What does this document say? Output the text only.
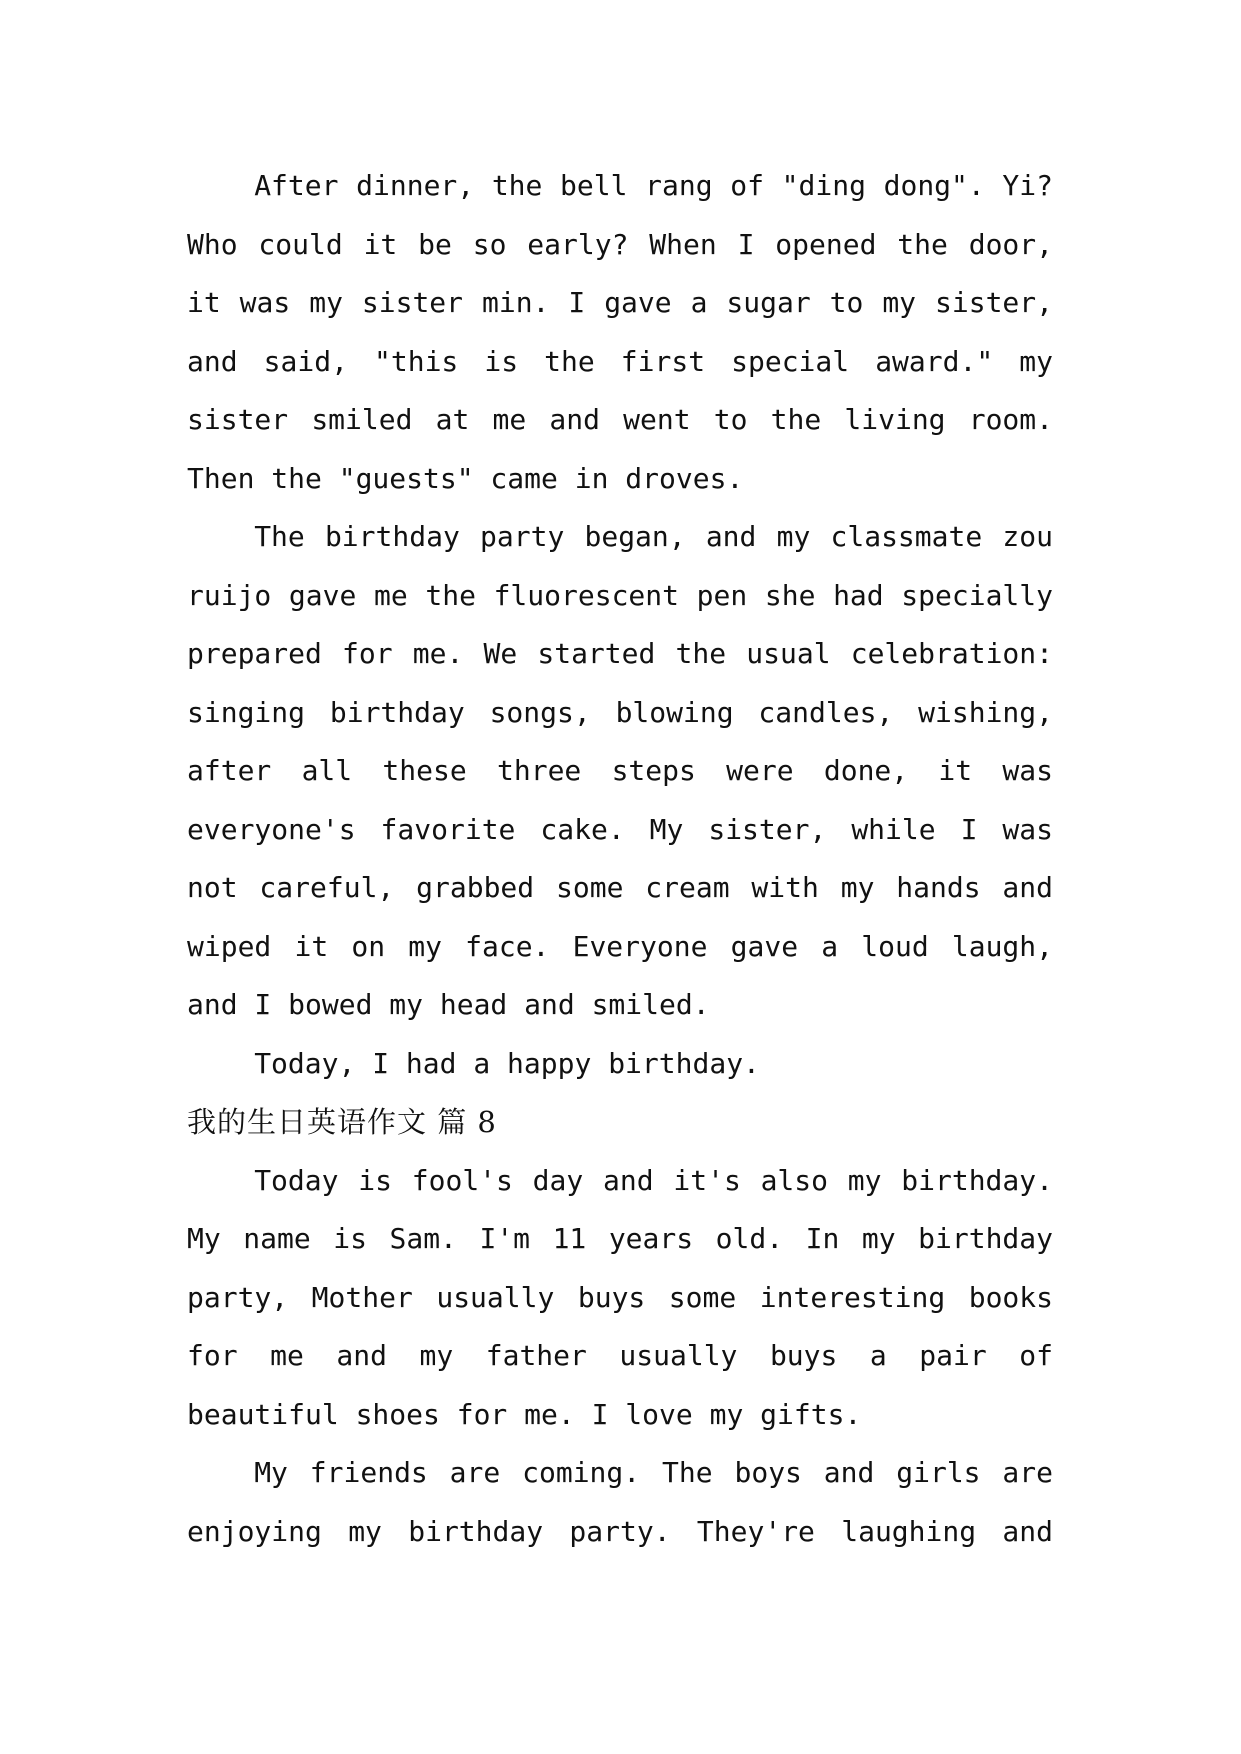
After dinner, the bell rang of "ding dong". Yi? Who could it be so early? When I opened the door, it was my sister min. I gave a sugar to my sister, and said, "this is the first special award." my sister smiled at me and went to the living room. Then the "guests" came in droves.

The birthday party began, and my classmate zou ruijo gave me the fluorescent pen she had specially prepared for me. We started the usual celebration: singing birthday songs, blowing candles, wishing, after all these three steps were done, it was everyone's favorite cake. My sister, while I was not careful, grabbed some cream with my hands and wiped it on my face. Everyone gave a loud laugh, and I bowed my head and smiled.

Today, I had a happy birthday.

我的生日英语作文 篇 8

Today is fool's day and it's also my birthday. My name is Sam. I'm 11 years old. In my birthday party, Mother usually buys some interesting books for me and my father usually buys a pair of beautiful shoes for me. I love my gifts.

My friends are coming. The boys and girls are enjoying my birthday party. They're laughing and
